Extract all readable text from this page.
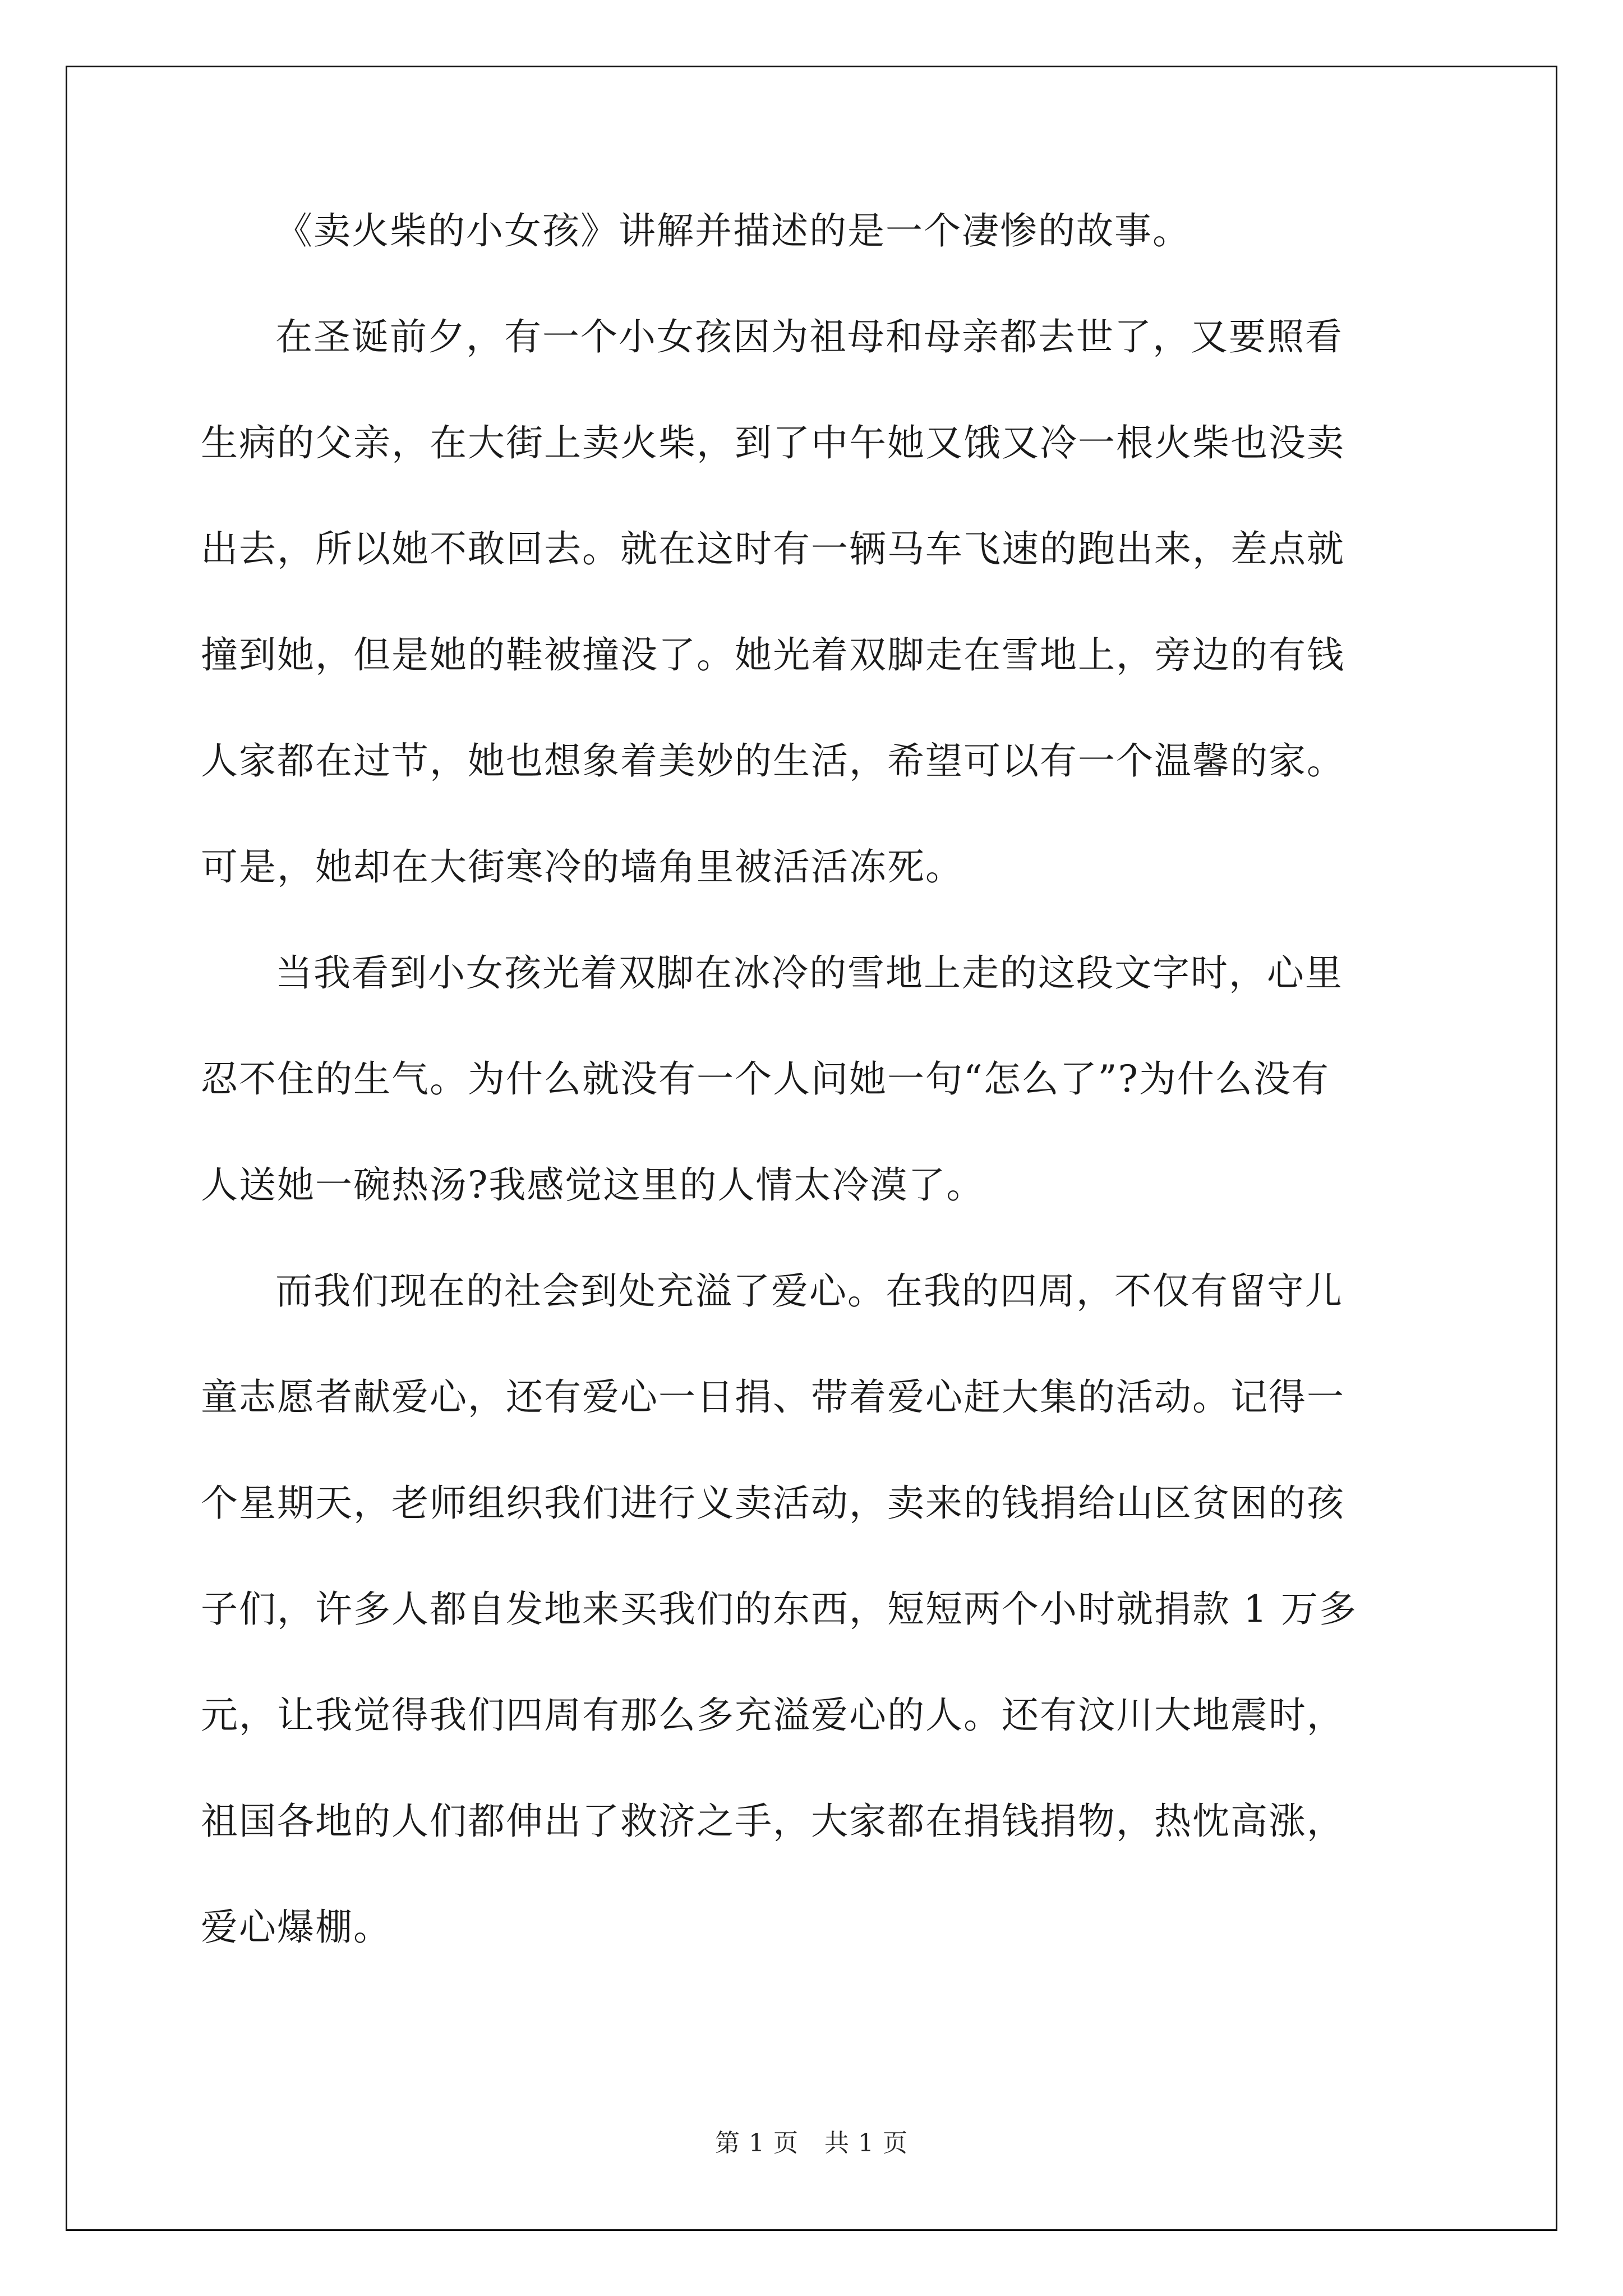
《卖火柴的小女孩》讲解并描述的是一个凄惨的故事。
在圣诞前夕，有一个小女孩因为祖母和母亲都去世了，又要照看
生病的父亲，在大街上卖火柴，到了中午她又饿又冷一根火柴也没卖
出去，所以她不敢回去。就在这时有一辆马车飞速的跑出来，差点就
撞到她，但是她的鞋被撞没了。她光着双脚走在雪地上，旁边的有钱
人家都在过节，她也想象着美妙的生活，希望可以有一个温馨的家。
可是，她却在大街寒冷的墙角里被活活冻死。
当我看到小女孩光着双脚在冰冷的雪地上走的这段文字时，心里
忍不住的生气。为什么就没有一个人问她一句“怎么了”?为什么没有
人送她一碗热汤?我感觉这里的人情太冷漠了。
而我们现在的社会到处充溢了爱心。在我的四周，不仅有留守儿
童志愿者献爱心，还有爱心一日捐、带着爱心赶大集的活动。记得一
个星期天，老师组织我们进行义卖活动，卖来的钱捐给山区贫困的孩
子们，许多人都自发地来买我们的东西，短短两个小时就捐款 1 万多
元，让我觉得我们四周有那么多充溢爱心的人。还有汶川大地震时，
祖国各地的人们都伸出了救济之手，大家都在捐钱捐物，热忱高涨，
爱心爆棚。
第 1 页 共 1 页
